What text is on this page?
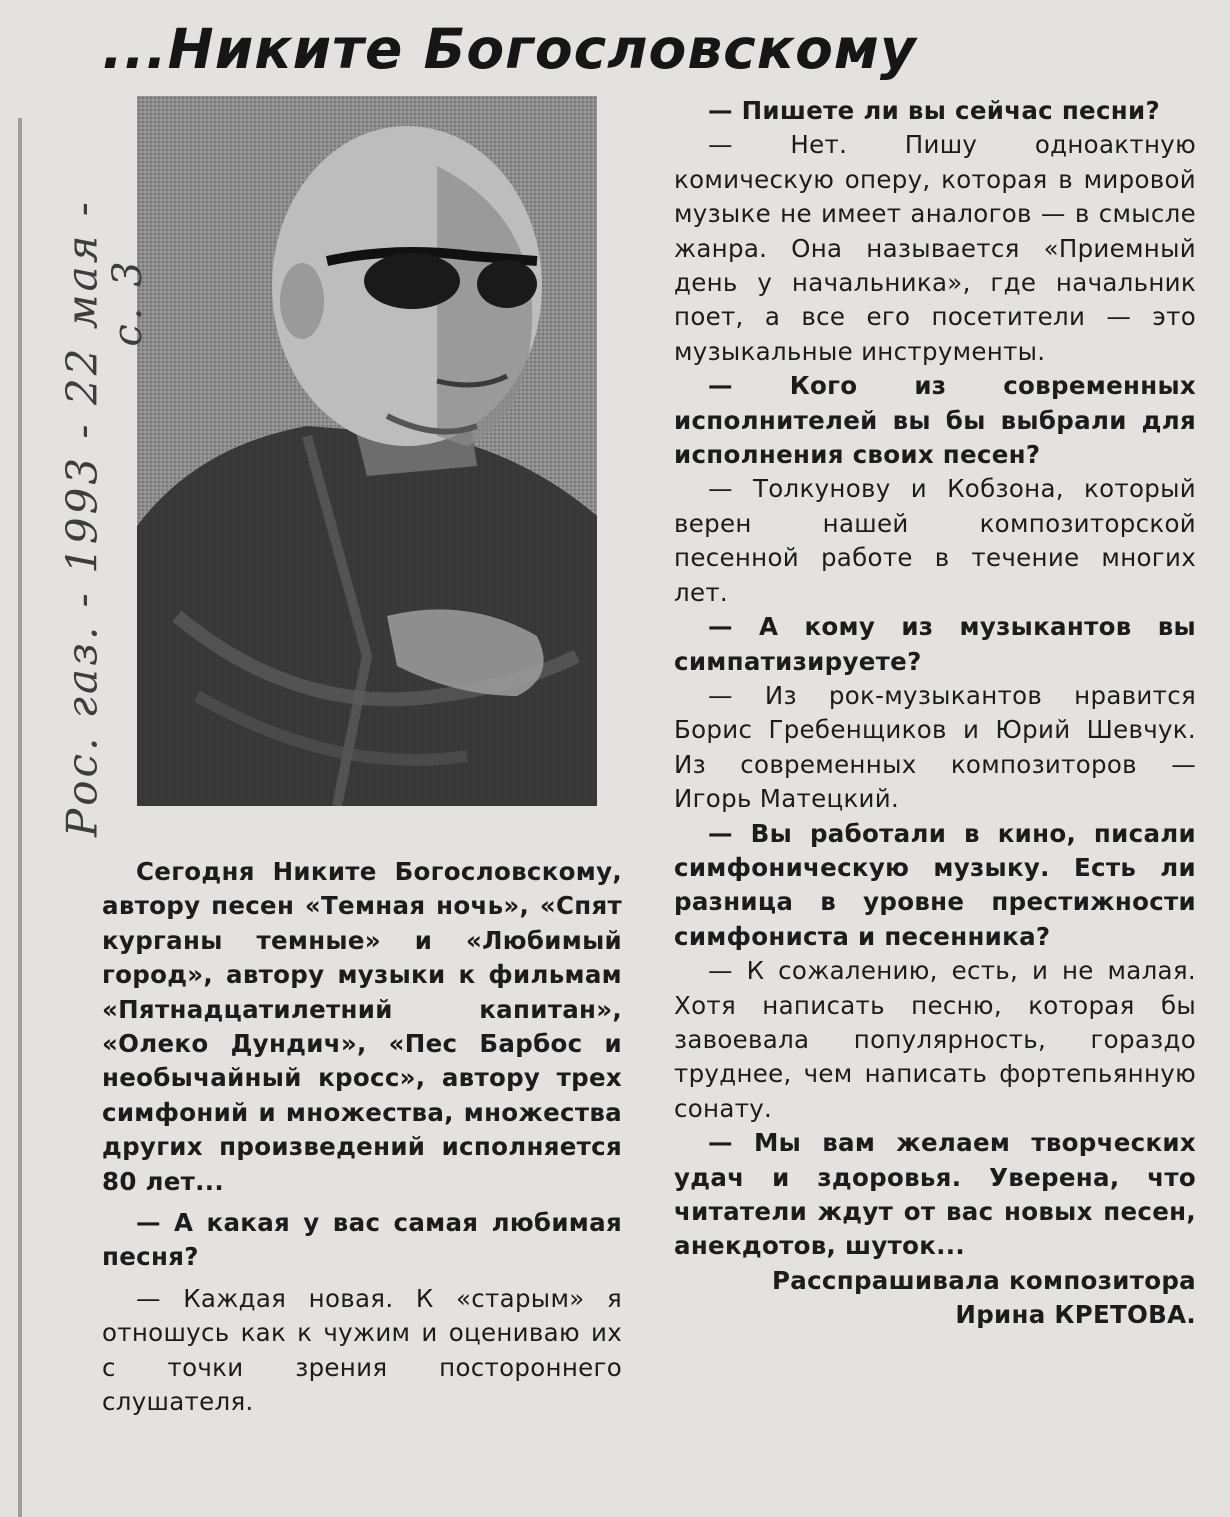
...Никите Богословскому
Рос. газ. - 1993 - 22 мая -
с. 3

Сегодня Никите Богословскому, автору песен «Темная ночь», «Спят курганы темные» и «Любимый город», автору музыки к фильмам «Пятнадцатилетний капитан», «Олеко Дундич», «Пес Барбос и необычайный кросс», автору трех симфоний и множества, множества других произведений исполняется 80 лет...

— А какая у вас самая любимая песня?

— Каждая новая. К «старым» я отношусь как к чужим и оцениваю их с точки зрения постороннего слушателя.

— Пишете ли вы сейчас песни?

— Нет. Пишу одноактную комическую оперу, которая в мировой музыке не имеет аналогов — в смысле жанра. Она называется «Приемный день у начальника», где начальник поет, а все его посетители — это музыкальные инструменты.

— Кого из современных исполнителей вы бы выбрали для исполнения своих песен?

— Толкунову и Кобзона, который верен нашей композиторской песенной работе в течение многих лет.

— А кому из музыкантов вы симпатизируете?

— Из рок-музыкантов нравится Борис Гребенщиков и Юрий Шевчук. Из современных композиторов — Игорь Матецкий.

— Вы работали в кино, писали симфоническую музыку. Есть ли разница в уровне престижности симфониста и песенника?

— К сожалению, есть, и не малая. Хотя написать песню, которая бы завоевала популярность, гораздо труднее, чем написать фортепьянную сонату.

— Мы вам желаем творческих удач и здоровья. Уверена, что читатели ждут от вас новых песен, анекдотов, шуток...

Расспрашивала композитора

Ирина КРЕТОВА.
